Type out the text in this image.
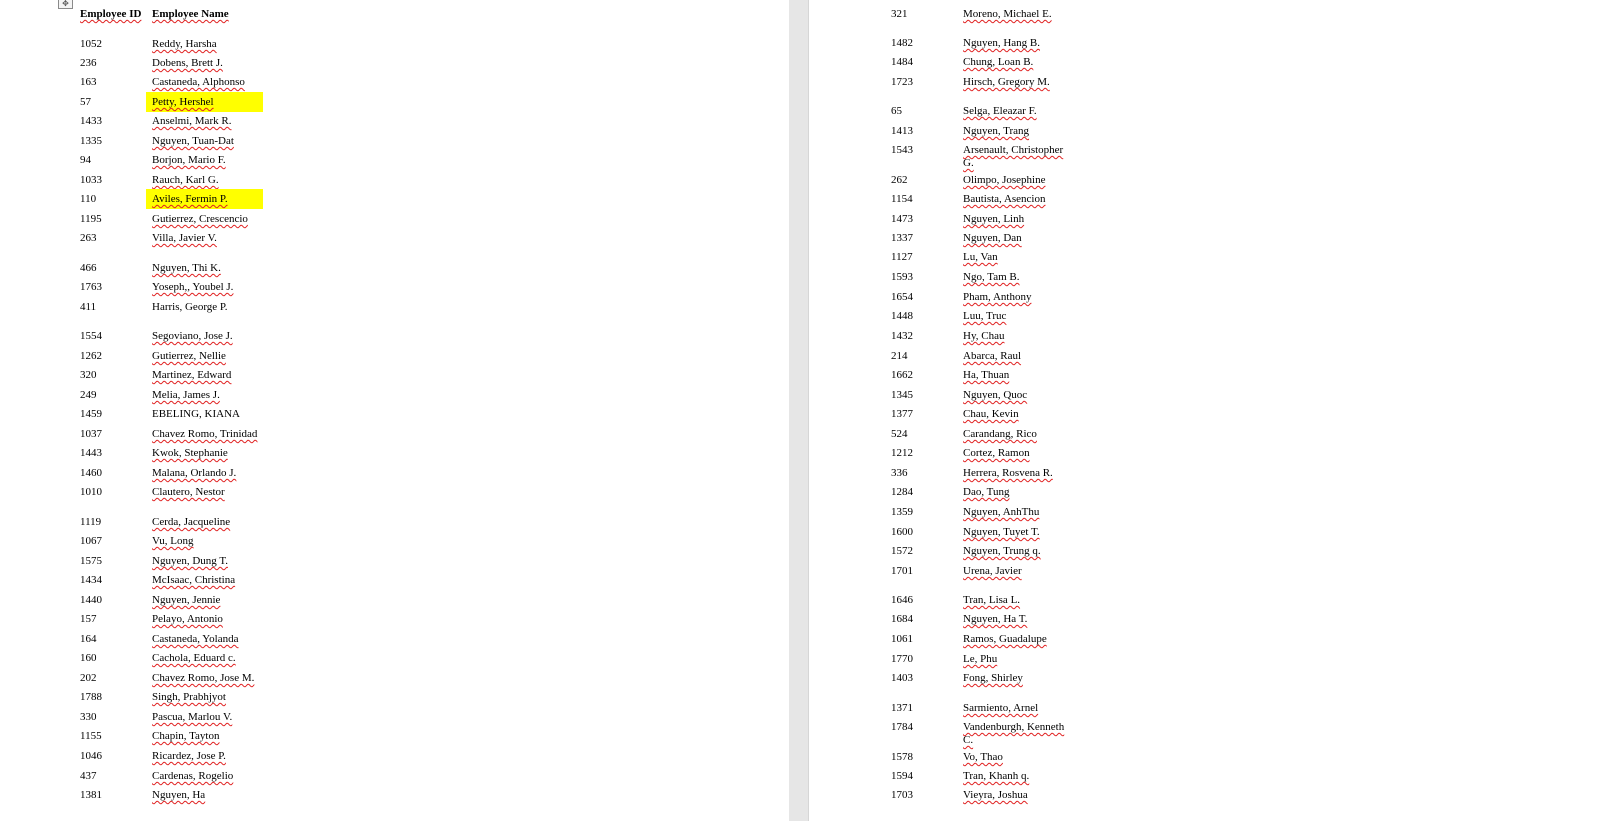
✥
Employee ID Employee Name
1052	Reddy, Harsha
236	Dobens, Brett J.
163	Castaneda, Alphonso
57	Petty, Hershel
1433	Anselmi, Mark R.
1335	Nguyen, Tuan-Dat
94	Borjon, Mario F.
1033	Rauch, Karl G.
110	Aviles, Fermin P.
1195	Gutierrez, Crescencio
263	Villa, Javier V.
466	Nguyen, Thi K.
1763	Yoseph,, Youbel J.
411	Harris, George P.
1554	Segoviano, Jose J.
1262	Gutierrez, Nellie
320	Martinez, Edward
249	Melia, James J.
1459	EBELING, KIANA
1037	Chavez Romo, Trinidad
1443	Kwok, Stephanie
1460	Malana, Orlando J.
1010	Clautero, Nestor
1119	Cerda, Jacqueline
1067	Vu, Long
1575	Nguyen, Dung T.
1434	McIsaac, Christina
1440	Nguyen, Jennie
157	Pelayo, Antonio
164	Castaneda, Yolanda
160	Cachola, Eduard c.
202	Chavez Romo, Jose M.
1788	Singh, Prabhjyot
330	Pascua, Marlou V.
1155	Chapin, Tayton
1046	Ricardez, Jose P.
437	Cardenas, Rogelio
1381	Nguyen, Ha
321	Moreno, Michael E.
1482	Nguyen, Hang B.
1484	Chung, Loan B.
1723	Hirsch, Gregory M.
65	Selga, Eleazar F.
1413	Nguyen, Trang
1543	Arsenault, Christopher G.
262	Olimpo, Josephine
1154	Bautista, Asencion
1473	Nguyen, Linh
1337	Nguyen, Dan
1127	Lu, Van
1593	Ngo, Tam B.
1654	Pham, Anthony
1448	Luu, Truc
1432	Hy, Chau
214	Abarca, Raul
1662	Ha, Thuan
1345	Nguyen, Quoc
1377	Chau, Kevin
524	Carandang, Rico
1212	Cortez, Ramon
336	Herrera, Rosvena R.
1284	Dao, Tung
1359	Nguyen, AnhThu
1600	Nguyen, Tuyet T.
1572	Nguyen, Trung q.
1701	Urena, Javier
1646	Tran, Lisa L.
1684	Nguyen, Ha T.
1061	Ramos, Guadalupe
1770	Le, Phu
1403	Fong, Shirley
1371	Sarmiento, Arnel
1784	Vandenburgh, Kenneth C.
1578	Vo, Thao
1594	Tran, Khanh q.
1703	Vieyra, Joshua
